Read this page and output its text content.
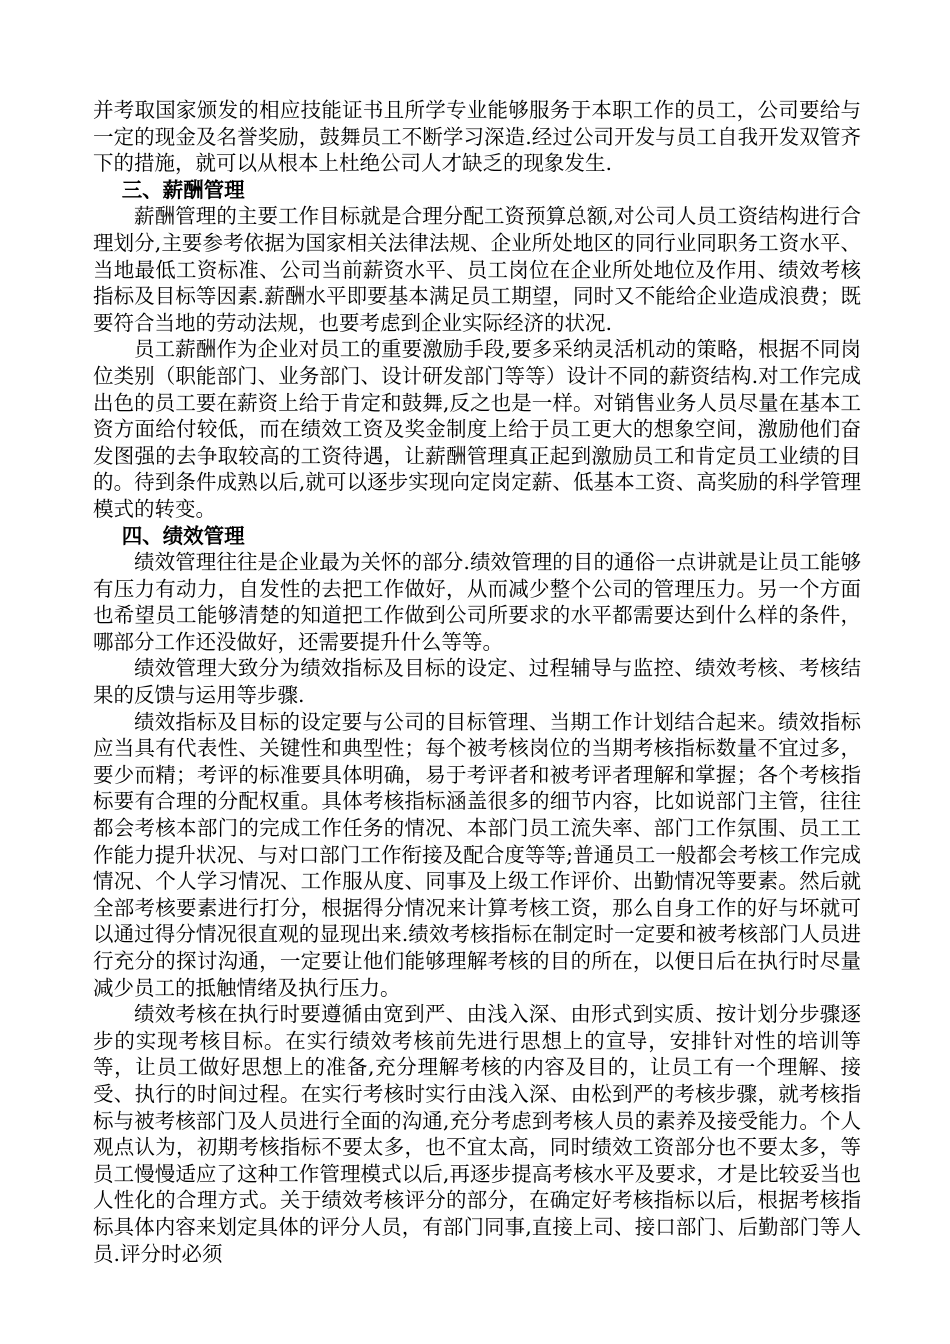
并考取国家颁发的相应技能证书且所学专业能够服务于本职工作的员工，公司要给与一定的现金及名誉奖励，鼓舞员工不断学习深造.经过公司开发与员工自我开发双管齐下的措施，就可以从根本上杜绝公司人才缺乏的现象发生.

三、薪酬管理

薪酬管理的主要工作目标就是合理分配工资预算总额,对公司人员工资结构进行合理划分,主要参考依据为国家相关法律法规、企业所处地区的同行业同职务工资水平、当地最低工资标准、公司当前薪资水平、员工岗位在企业所处地位及作用、绩效考核指标及目标等因素.薪酬水平即要基本满足员工期望，同时又不能给企业造成浪费；既要符合当地的劳动法规，也要考虑到企业实际经济的状况.

员工薪酬作为企业对员工的重要激励手段,要多采纳灵活机动的策略，根据不同岗位类别（职能部门、业务部门、设计研发部门等等）设计不同的薪资结构.对工作完成出色的员工要在薪资上给于肯定和鼓舞,反之也是一样。对销售业务人员尽量在基本工资方面给付较低，而在绩效工资及奖金制度上给于员工更大的想象空间，激励他们奋发图强的去争取较高的工资待遇，让薪酬管理真正起到激励员工和肯定员工业绩的目的。待到条件成熟以后,就可以逐步实现向定岗定薪、低基本工资、高奖励的科学管理模式的转变。

四、绩效管理

绩效管理往往是企业最为关怀的部分.绩效管理的目的通俗一点讲就是让员工能够有压力有动力，自发性的去把工作做好，从而减少整个公司的管理压力。另一个方面也希望员工能够清楚的知道把工作做到公司所要求的水平都需要达到什么样的条件，哪部分工作还没做好，还需要提升什么等等。

绩效管理大致分为绩效指标及目标的设定、过程辅导与监控、绩效考核、考核结果的反馈与运用等步骤.

绩效指标及目标的设定要与公司的目标管理、当期工作计划结合起来。绩效指标应当具有代表性、关键性和典型性；每个被考核岗位的当期考核指标数量不宜过多，要少而精；考评的标准要具体明确，易于考评者和被考评者理解和掌握；各个考核指标要有合理的分配权重。具体考核指标涵盖很多的细节内容，比如说部门主管，往往都会考核本部门的完成工作任务的情况、本部门员工流失率、部门工作氛围、员工工作能力提升状况、与对口部门工作衔接及配合度等等;普通员工一般都会考核工作完成情况、个人学习情况、工作服从度、同事及上级工作评价、出勤情况等要素。然后就全部考核要素进行打分，根据得分情况来计算考核工资，那么自身工作的好与坏就可以通过得分情况很直观的显现出来.绩效考核指标在制定时一定要和被考核部门人员进行充分的探讨沟通，一定要让他们能够理解考核的目的所在，以便日后在执行时尽量减少员工的抵触情绪及执行压力。

绩效考核在执行时要遵循由宽到严、由浅入深、由形式到实质、按计划分步骤逐步的实现考核目标。在实行绩效考核前先进行思想上的宣导，安排针对性的培训等等，让员工做好思想上的准备,充分理解考核的内容及目的，让员工有一个理解、接受、执行的时间过程。在实行考核时实行由浅入深、由松到严的考核步骤，就考核指标与被考核部门及人员进行全面的沟通,充分考虑到考核人员的素养及接受能力。个人观点认为，初期考核指标不要太多，也不宜太高，同时绩效工资部分也不要太多，等员工慢慢适应了这种工作管理模式以后,再逐步提高考核水平及要求，才是比较妥当也人性化的合理方式。关于绩效考核评分的部分，在确定好考核指标以后，根据考核指标具体内容来划定具体的评分人员，有部门同事,直接上司、接口部门、后勤部门等人员.评分时必须
